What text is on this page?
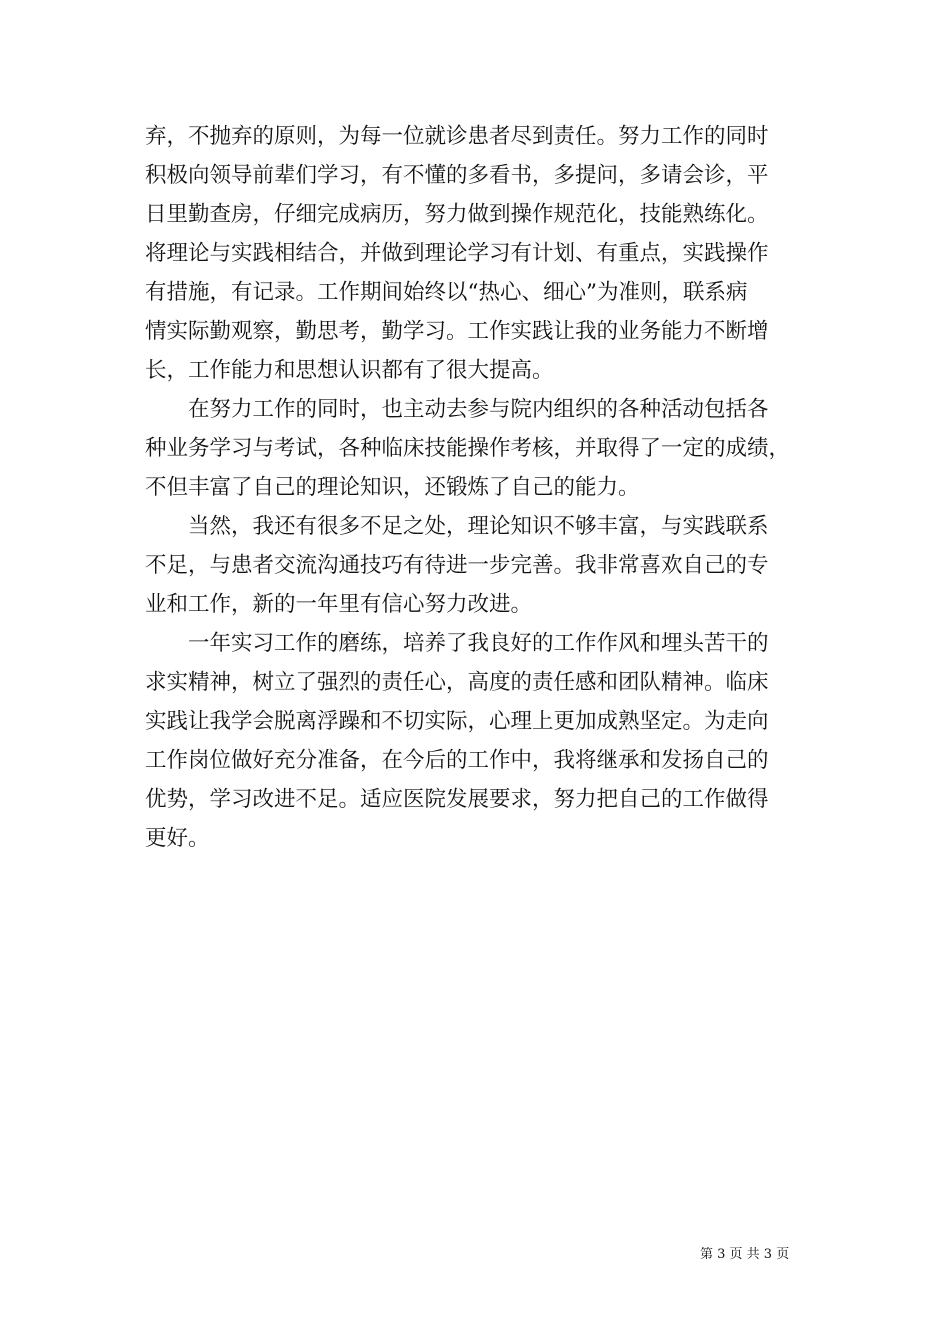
弃，不抛弃的原则，为每一位就诊患者尽到责任。努力工作的同时
积极向领导前辈们学习，有不懂的多看书，多提问，多请会诊，平
日里勤查房，仔细完成病历，努力做到操作规范化，技能熟练化。
将理论与实践相结合，并做到理论学习有计划、有重点，实践操作
有措施，有记录。工作期间始终以“热心、细心”为准则，联系病
情实际勤观察，勤思考，勤学习。工作实践让我的业务能力不断增
长，工作能力和思想认识都有了很大提高。

　　在努力工作的同时，也主动去参与院内组织的各种活动包括各
种业务学习与考试，各种临床技能操作考核，并取得了一定的成绩，
不但丰富了自己的理论知识，还锻炼了自己的能力。

　　当然，我还有很多不足之处，理论知识不够丰富，与实践联系
不足，与患者交流沟通技巧有待进一步完善。我非常喜欢自己的专
业和工作，新的一年里有信心努力改进。

　　一年实习工作的磨练，培养了我良好的工作作风和埋头苦干的
求实精神，树立了强烈的责任心，高度的责任感和团队精神。临床
实践让我学会脱离浮躁和不切实际，心理上更加成熟坚定。为走向
工作岗位做好充分准备，在今后的工作中，我将继承和发扬自己的
优势，学习改进不足。适应医院发展要求，努力把自己的工作做得
更好。

第 3 页 共 3 页
